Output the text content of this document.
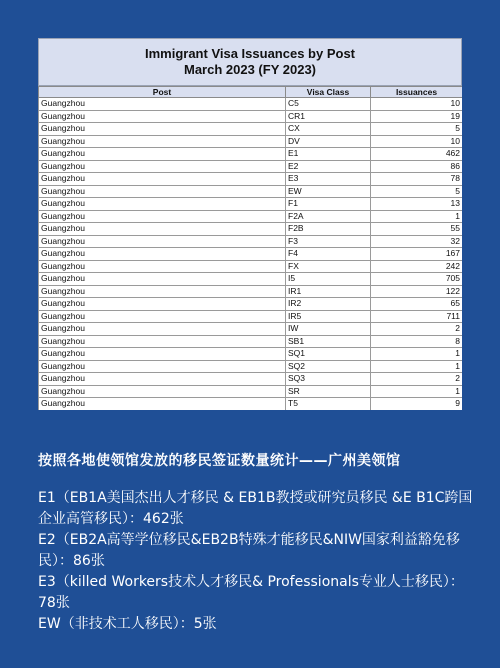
Immigrant Visa Issuances by Post
March 2023 (FY 2023)
Post	Visa Class	Issuances
Guangzhou	C5	10
Guangzhou	CR1	19
Guangzhou	CX	5
Guangzhou	DV	10
Guangzhou	E1	462
Guangzhou	E2	86
Guangzhou	E3	78
Guangzhou	EW	5
Guangzhou	F1	13
Guangzhou	F2A	1
Guangzhou	F2B	55
Guangzhou	F3	32
Guangzhou	F4	167
Guangzhou	FX	242
Guangzhou	I5	705
Guangzhou	IR1	122
Guangzhou	IR2	65
Guangzhou	IR5	711
Guangzhou	IW	2
Guangzhou	SB1	8
Guangzhou	SQ1	1
Guangzhou	SQ2	1
Guangzhou	SQ3	2
Guangzhou	SR	1
Guangzhou	T5	9
按照各地使领馆发放的移民签证数量统计——广州美领馆

E1（EB1A美国杰出人才移民 & EB1B教授或研究员移民 &E B1C跨国企业高管移民）：462张

E2（EB2A高等学位移民&EB2B特殊才能移民&NIW国家利益豁免移民）：86张

E3（killed Workers技术人才移民& Professionals专业人士移民）：78张

EW（非技术工人移民）：5张
